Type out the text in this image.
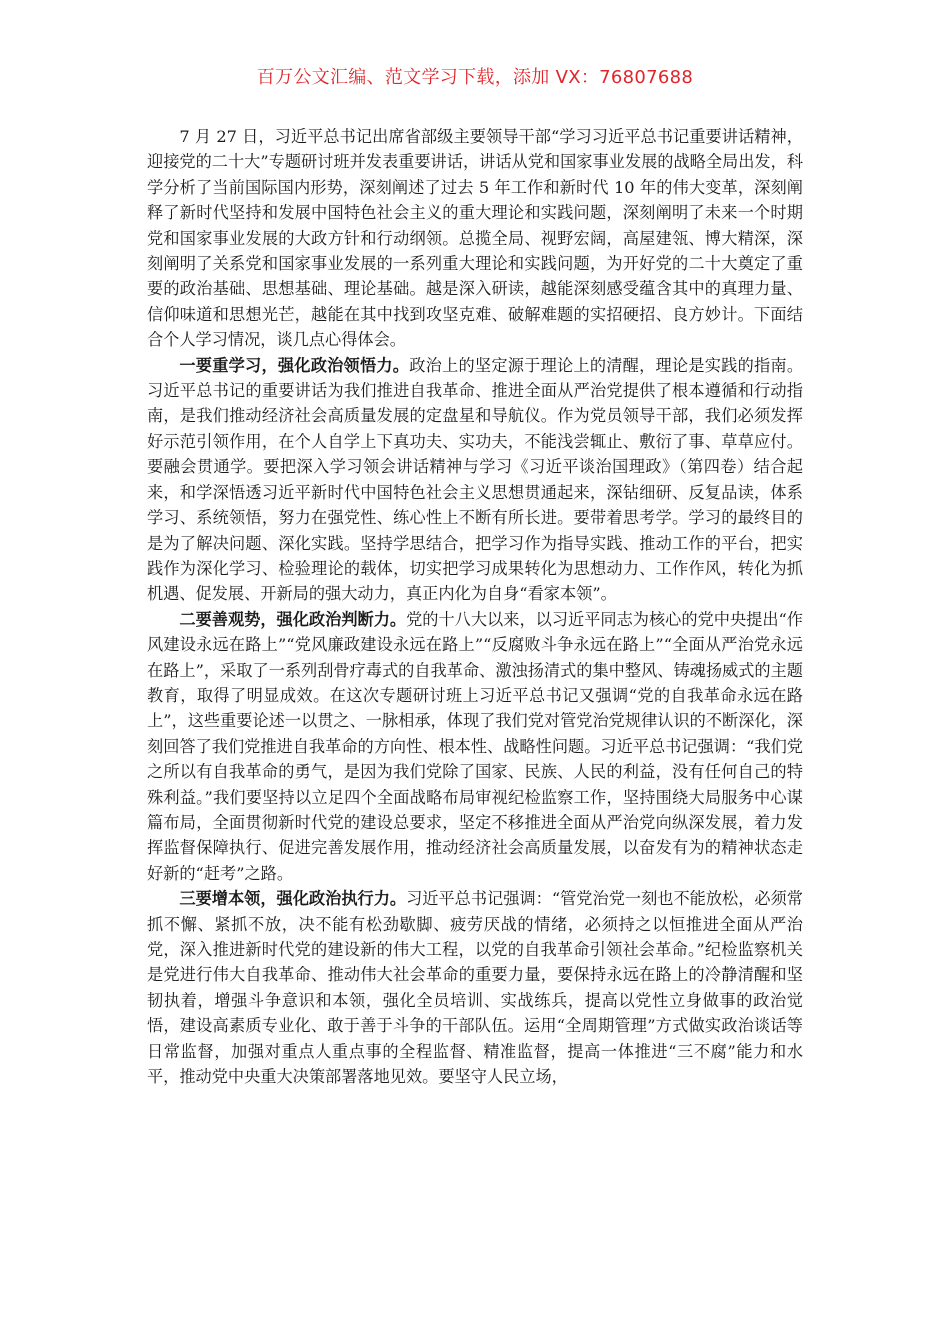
百万公文汇编、范文学习下载，添加 VX：76807688

7 月 27 日，习近平总书记出席省部级主要领导干部“学习习近平总书记重要讲话精神，迎接党的二十大”专题研讨班并发表重要讲话，讲话从党和国家事业发展的战略全局出发，科学分析了当前国际国内形势，深刻阐述了过去 5 年工作和新时代 10 年的伟大变革，深刻阐释了新时代坚持和发展中国特色社会主义的重大理论和实践问题，深刻阐明了未来一个时期党和国家事业发展的大政方针和行动纲领。总揽全局、视野宏阔，高屋建瓴、博大精深，深刻阐明了关系党和国家事业发展的一系列重大理论和实践问题，为开好党的二十大奠定了重要的政治基础、思想基础、理论基础。越是深入研读，越能深刻感受蕴含其中的真理力量、信仰味道和思想光芒，越能在其中找到攻坚克难、破解难题的实招硬招、良方妙计。下面结合个人学习情况，谈几点心得体会。

一要重学习，强化政治领悟力。政治上的坚定源于理论上的清醒，理论是实践的指南。习近平总书记的重要讲话为我们推进自我革命、推进全面从严治党提供了根本遵循和行动指南，是我们推动经济社会高质量发展的定盘星和导航仪。作为党员领导干部，我们必须发挥好示范引领作用，在个人自学上下真功夫、实功夫，不能浅尝辄止、敷衍了事、草草应付。要融会贯通学。要把深入学习领会讲话精神与学习《习近平谈治国理政》（第四卷）结合起来，和学深悟透习近平新时代中国特色社会主义思想贯通起来，深钻细研、反复品读，体系学习、系统领悟，努力在强党性、练心性上不断有所长进。要带着思考学。学习的最终目的是为了解决问题、深化实践。坚持学思结合，把学习作为指导实践、推动工作的平台，把实践作为深化学习、检验理论的载体，切实把学习成果转化为思想动力、工作作风，转化为抓机遇、促发展、开新局的强大动力，真正内化为自身“看家本领”。

二要善观势，强化政治判断力。党的十八大以来，以习近平同志为核心的党中央提出“作风建设永远在路上”“党风廉政建设永远在路上”“反腐败斗争永远在路上”“全面从严治党永远在路上”，采取了一系列刮骨疗毒式的自我革命、激浊扬清式的集中整风、铸魂扬威式的主题教育，取得了明显成效。在这次专题研讨班上习近平总书记又强调“党的自我革命永远在路上”，这些重要论述一以贯之、一脉相承，体现了我们党对管党治党规律认识的不断深化，深刻回答了我们党推进自我革命的方向性、根本性、战略性问题。习近平总书记强调：“我们党之所以有自我革命的勇气，是因为我们党除了国家、民族、人民的利益，没有任何自己的特殊利益。”我们要坚持以立足四个全面战略布局审视纪检监察工作，坚持围绕大局服务中心谋篇布局，全面贯彻新时代党的建设总要求，坚定不移推进全面从严治党向纵深发展，着力发挥监督保障执行、促进完善发展作用，推动经济社会高质量发展，以奋发有为的精神状态走好新的“赶考”之路。

三要增本领，强化政治执行力。习近平总书记强调：“管党治党一刻也不能放松，必须常抓不懈、紧抓不放，决不能有松劲歇脚、疲劳厌战的情绪，必须持之以恒推进全面从严治党，深入推进新时代党的建设新的伟大工程，以党的自我革命引领社会革命。”纪检监察机关是党进行伟大自我革命、推动伟大社会革命的重要力量，要保持永远在路上的冷静清醒和坚韧执着，增强斗争意识和本领，强化全员培训、实战练兵，提高以党性立身做事的政治觉悟，建设高素质专业化、敢于善于斗争的干部队伍。运用“全周期管理”方式做实政治谈话等日常监督，加强对重点人重点事的全程监督、精准监督，提高一体推进“三不腐”能力和水平，推动党中央重大决策部署落地见效。要坚守人民立场，
